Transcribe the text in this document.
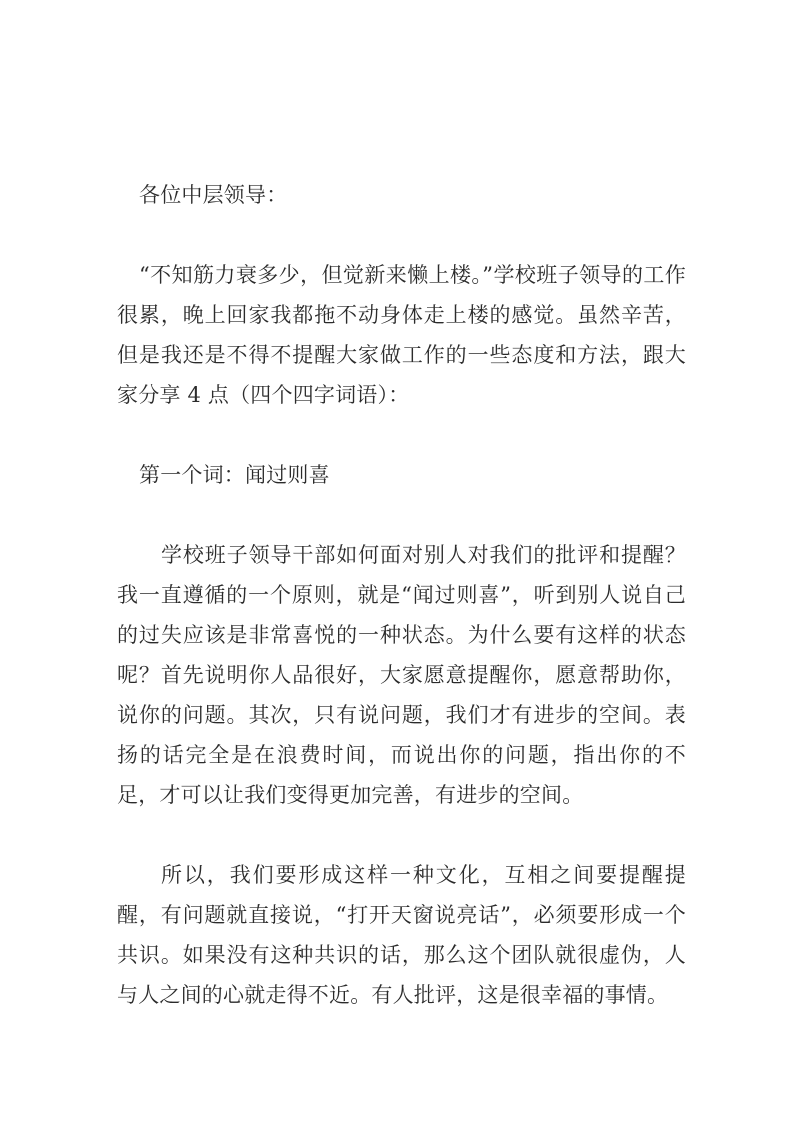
各位中层领导：

“不知筋力衰多少，但觉新来懒上楼。”学校班子领导的工作很累，晚上回家我都拖不动身体走上楼的感觉。虽然辛苦，但是我还是不得不提醒大家做工作的一些态度和方法，跟大家分享 4 点（四个四字词语）：

第一个词：闻过则喜

学校班子领导干部如何面对别人对我们的批评和提醒？我一直遵循的一个原则，就是“闻过则喜”，听到别人说自己的过失应该是非常喜悦的一种状态。为什么要有这样的状态呢？首先说明你人品很好，大家愿意提醒你，愿意帮助你，说你的问题。其次，只有说问题，我们才有进步的空间。表扬的话完全是在浪费时间，而说出你的问题，指出你的不足，才可以让我们变得更加完善，有进步的空间。

所以，我们要形成这样一种文化，互相之间要提醒提醒，有问题就直接说，“打开天窗说亮话”，必须要形成一个共识。如果没有这种共识的话，那么这个团队就很虚伪，人与人之间的心就走得不近。有人批评，这是很幸福的事情。
